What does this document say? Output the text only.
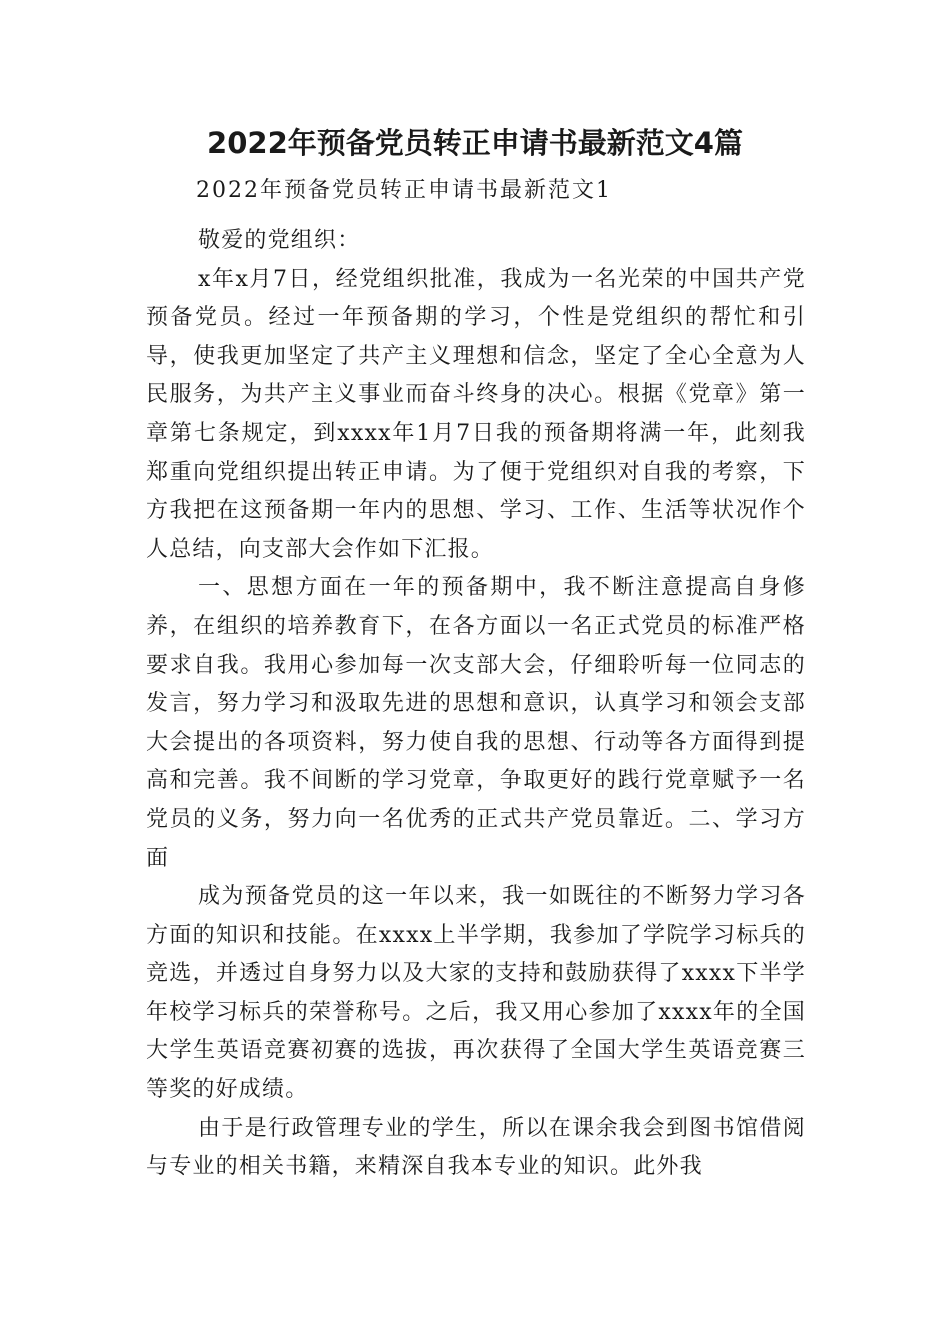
2022年预备党员转正申请书最新范文4篇

2022年预备党员转正申请书最新范文1

敬爱的党组织：

x年x月7日，经党组织批准，我成为一名光荣的中国共产党预备党员。经过一年预备期的学习，个性是党组织的帮忙和引导，使我更加坚定了共产主义理想和信念，坚定了全心全意为人民服务，为共产主义事业而奋斗终身的决心。根据《党章》第一章第七条规定，到xxxx年1月7日我的预备期将满一年，此刻我郑重向党组织提出转正申请。为了便于党组织对自我的考察，下方我把在这预备期一年内的思想、学习、工作、生活等状况作个人总结，向支部大会作如下汇报。

一、思想方面在一年的预备期中，我不断注意提高自身修养，在组织的培养教育下，在各方面以一名正式党员的标准严格要求自我。我用心参加每一次支部大会，仔细聆听每一位同志的发言，努力学习和汲取先进的思想和意识，认真学习和领会支部大会提出的各项资料，努力使自我的思想、行动等各方面得到提高和完善。我不间断的学习党章，争取更好的践行党章赋予一名党员的义务，努力向一名优秀的正式共产党员靠近。二、学习方面

成为预备党员的这一年以来，我一如既往的不断努力学习各方面的知识和技能。在xxxx上半学期，我参加了学院学习标兵的竞选，并透过自身努力以及大家的支持和鼓励获得了xxxx下半学年校学习标兵的荣誉称号。之后，我又用心参加了xxxx年的全国大学生英语竞赛初赛的选拔，再次获得了全国大学生英语竞赛三等奖的好成绩。

由于是行政管理专业的学生，所以在课余我会到图书馆借阅与专业的相关书籍，来精深自我本专业的知识。此外我
